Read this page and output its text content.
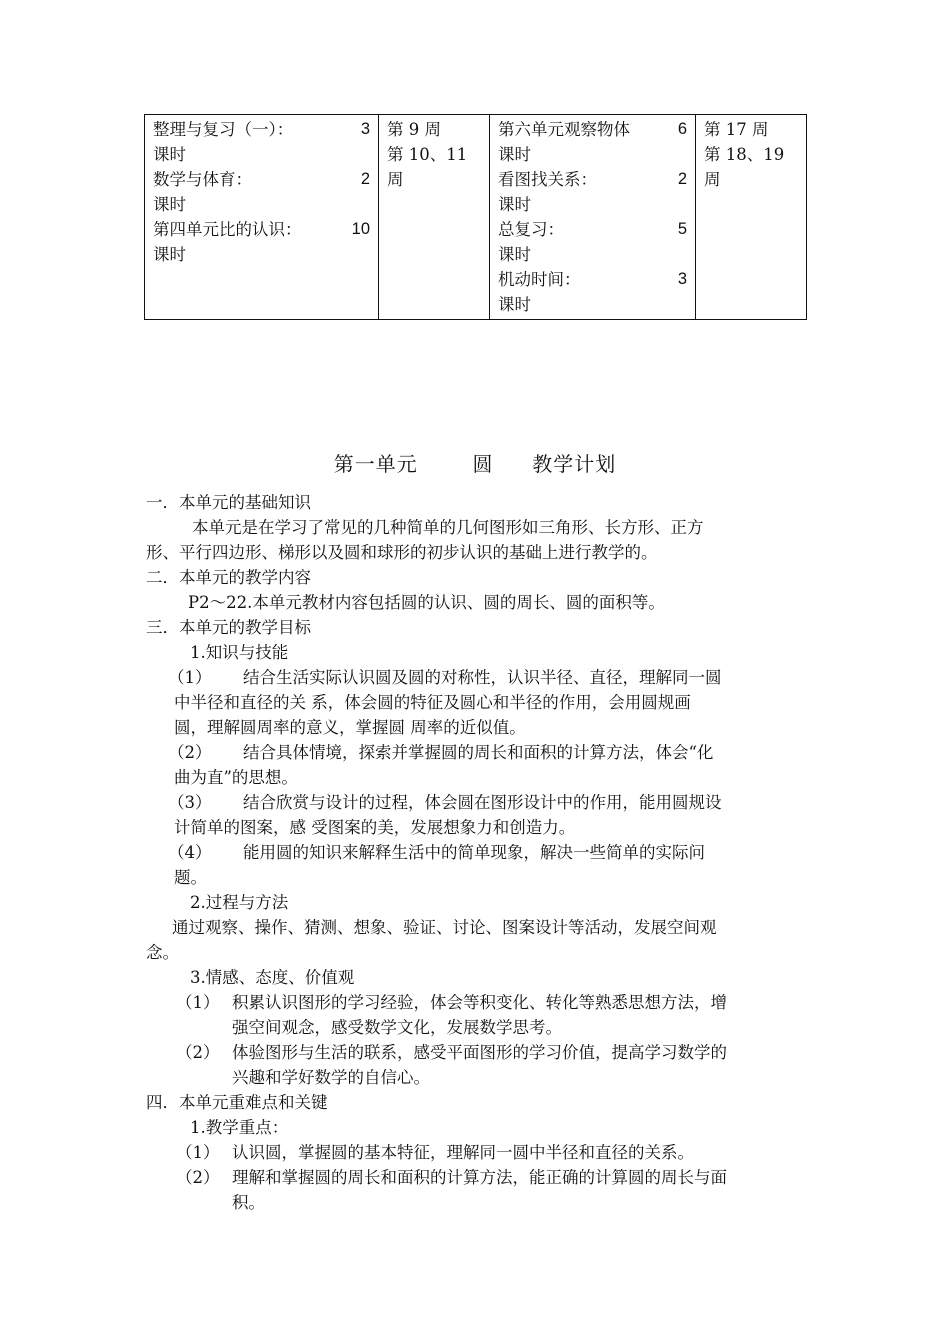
整理与复习（一）：	3
课时
数学与体育：	2
课时
第四单元比的认识：	10
课时

第 9 周
第 10、11
周

第六单元观察物体	6
课时
看图找关系：	2
课时
总复习：	5
课时
机动时间：	3
课时

第 17 周
第 18、19
周
第一单元	圆 教学计划
一．本单元的基础知识
本单元是在学习了常见的几种简单的几何图形如三角形、长方形、正方
形、平行四边形、梯形以及圆和球形的初步认识的基础上进行教学的。
二．本单元的教学内容
P2～22.本单元教材内容包括圆的认识、圆的周长、圆的面积等。
三．本单元的教学目标
1.知识与技能
（1） 结合生活实际认识圆及圆的对称性，认识半径、直径，理解同一圆
中半径和直径的关 系，体会圆的特征及圆心和半径的作用，会用圆规画
圆，理解圆周率的意义，掌握圆 周率的近似值。
（2） 结合具体情境，探索并掌握圆的周长和面积的计算方法，体会“化
曲为直”的思想。
（3） 结合欣赏与设计的过程，体会圆在图形设计中的作用，能用圆规设
计简单的图案，感 受图案的美，发展想象力和创造力。
（4） 能用圆的知识来解释生活中的简单现象，解决一些简单的实际问
题。
2.过程与方法
通过观察、操作、猜测、想象、验证、讨论、图案设计等活动，发展空间观
念。
3.情感、态度、价值观
（1） 积累认识图形的学习经验，体会等积变化、转化等熟悉思想方法，增
强空间观念，感受数学文化，发展数学思考。
（2） 体验图形与生活的联系，感受平面图形的学习价值，提高学习数学的
兴趣和学好数学的自信心。
四．本单元重难点和关键
1.教学重点：
（1） 认识圆，掌握圆的基本特征，理解同一圆中半径和直径的关系。
（2） 理解和掌握圆的周长和面积的计算方法，能正确的计算圆的周长与面
积。
